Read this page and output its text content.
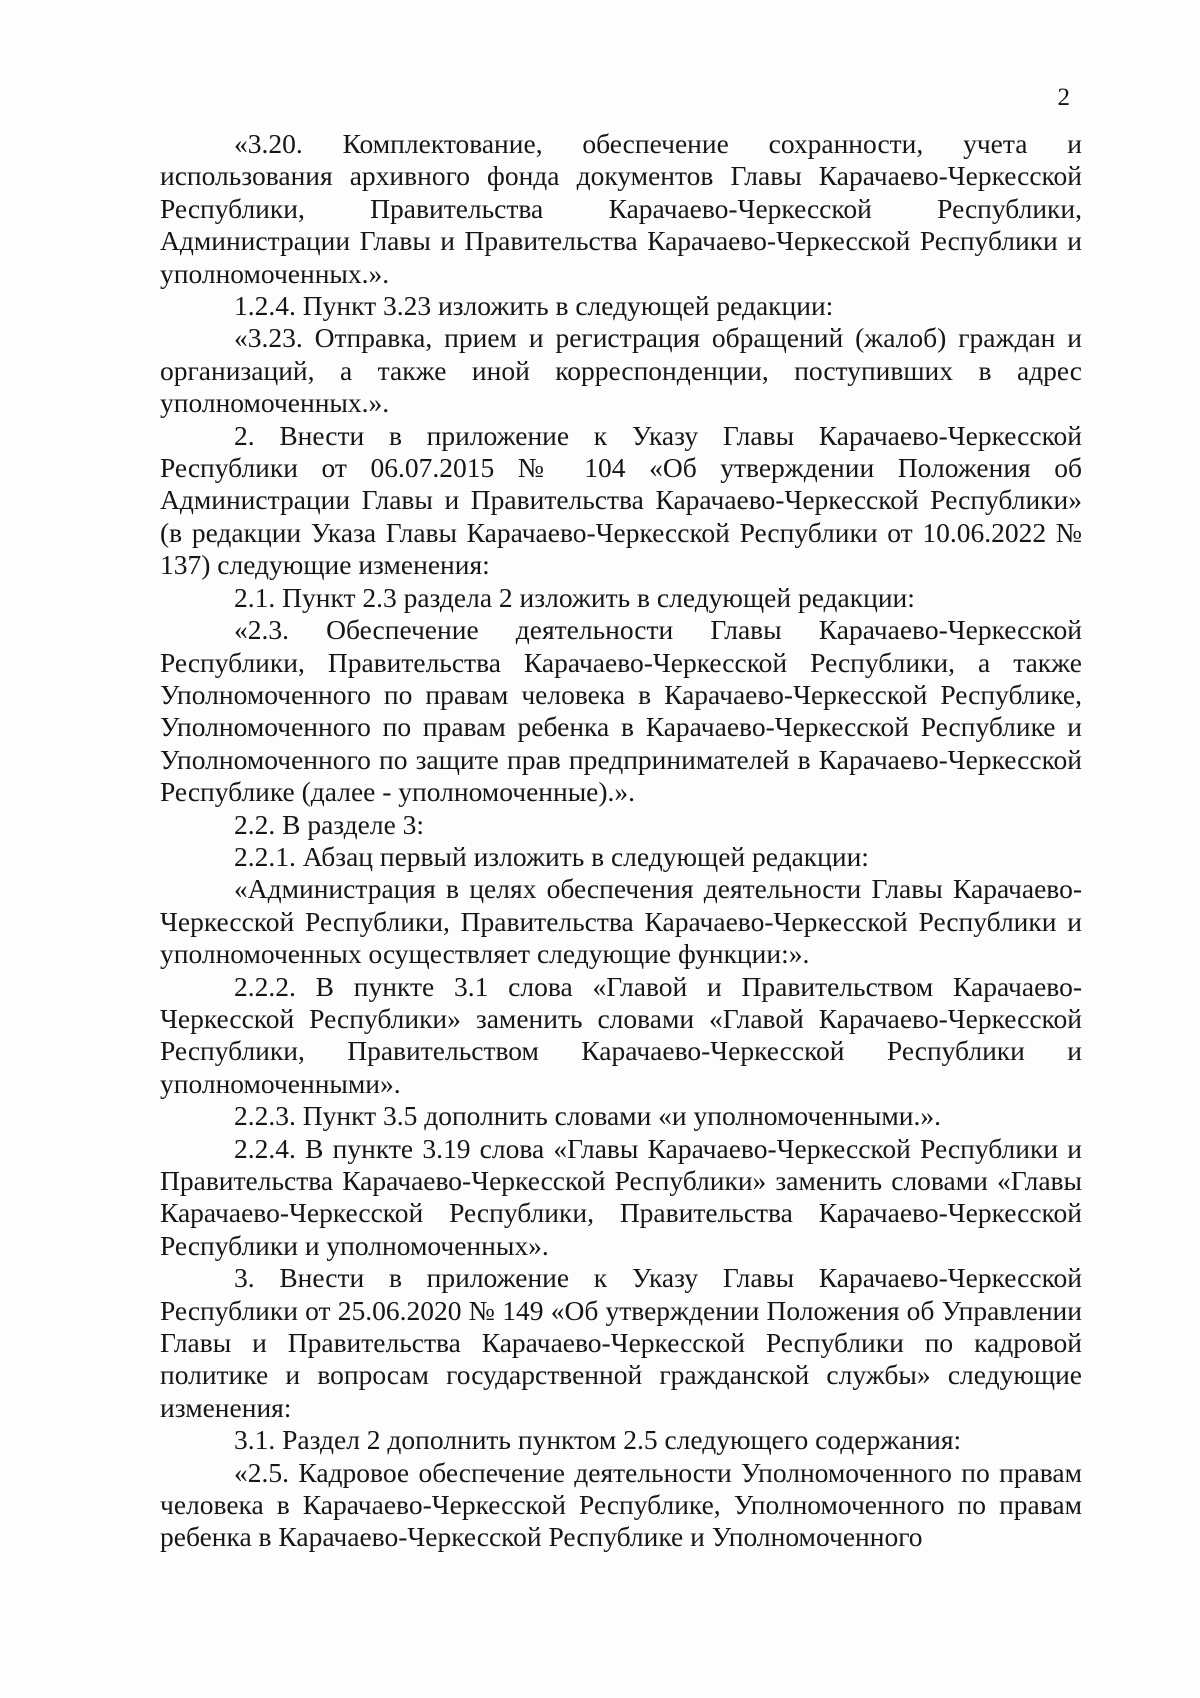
2

«3.20. Комплектование, обеспечение сохранности, учета и использования архивного фонда документов Главы Карачаево-Черкесской Республики, Правительства Карачаево-Черкесской Республики, Администрации Главы и Правительства Карачаево-Черкесской Республики и уполномоченных.».

1.2.4. Пункт 3.23 изложить в следующей редакции:

«3.23. Отправка, прием и регистрация обращений (жалоб) граждан и организаций, а также иной корреспонденции, поступивших в адрес уполномоченных.».

2. Внести в приложение к Указу Главы Карачаево-Черкесской Республики от 06.07.2015 № 104 «Об утверждении Положения об Администрации Главы и Правительства Карачаево-Черкесской Республики» (в редакции Указа Главы Карачаево-Черкесской Республики от 10.06.2022 № 137) следующие изменения:

2.1. Пункт 2.3 раздела 2 изложить в следующей редакции:

«2.3. Обеспечение деятельности Главы Карачаево-Черкесской Республики, Правительства Карачаево-Черкесской Республики, а также Уполномоченного по правам человека в Карачаево-Черкесской Республике, Уполномоченного по правам ребенка в Карачаево-Черкесской Республике и Уполномоченного по защите прав предпринимателей в Карачаево-Черкесской Республике (далее - уполномоченные).».

2.2. В разделе 3:

2.2.1. Абзац первый изложить в следующей редакции:

«Администрация в целях обеспечения деятельности Главы Карачаево-Черкесской Республики, Правительства Карачаево-Черкесской Республики и уполномоченных осуществляет следующие функции:».

2.2.2. В пункте 3.1 слова «Главой и Правительством Карачаево-Черкесской Республики» заменить словами «Главой Карачаево-Черкесской Республики, Правительством Карачаево-Черкесской Республики и уполномоченными».

2.2.3. Пункт 3.5 дополнить словами «и уполномоченными.».

2.2.4. В пункте 3.19 слова «Главы Карачаево-Черкесской Республики и Правительства Карачаево-Черкесской Республики» заменить словами «Главы Карачаево-Черкесской Республики, Правительства Карачаево-Черкесской Республики и уполномоченных».

3. Внести в приложение к Указу Главы Карачаево-Черкесской Республики от 25.06.2020 № 149 «Об утверждении Положения об Управлении Главы и Правительства Карачаево-Черкесской Республики по кадровой политике и вопросам государственной гражданской службы» следующие изменения:

3.1. Раздел 2 дополнить пунктом 2.5 следующего содержания:

«2.5. Кадровое обеспечение деятельности Уполномоченного по правам человека в Карачаево-Черкесской Республике, Уполномоченного по правам ребенка в Карачаево-Черкесской Республике и Уполномоченного
